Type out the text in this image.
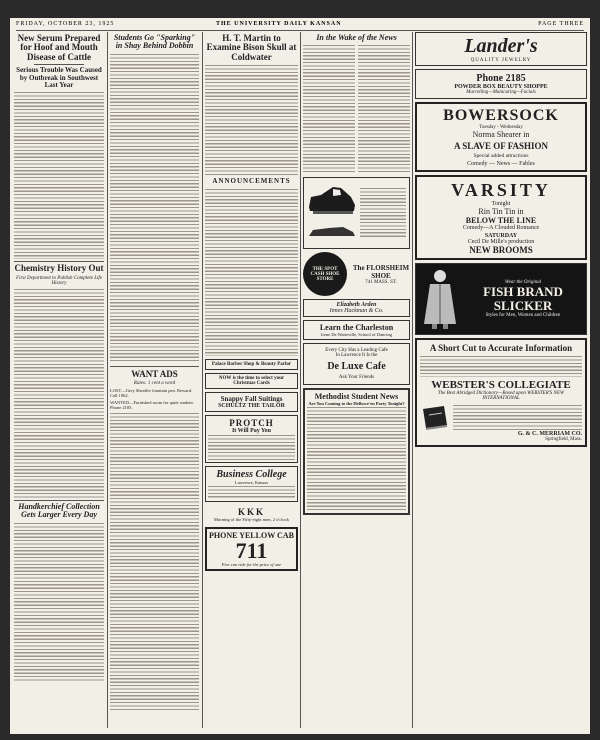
FRIDAY, OCTOBER 23, 1925	THE UNIVERSITY DAILY KANSAN	PAGE THREE
New Serum Prepared for Hoof and Mouth Disease of Cattle
Serious Trouble Was Caused by Outbreak in Southwest Last Year
Chemistry History Out
First Department to Publish Complete Life History
Handkerchief Collection Gets Larger Every Day
Students Go "Sparking" in Shay Behind Dobbin
WANT ADS
Rates: 1 cent a word
LOST—Grey Sheaffer fountain pen. Reward. Call 1962.
WANTED—Furnished room for quiet student. Phone 2185.
H. T. Martin to Examine Bison Skull at Coldwater
ANNOUNCEMENTS
Palace Barber Shop & Beauty Parlor
NOW is the time to select your Christmas Cards
Snappy Fall Suitings
SCHULTZ THE TAILOR
PROTCH
It Will Pay You
Business College
Lawrence, Kansas
KKK
Morning of the Fifty-eight men, 2 o'clock
PHONE YELLOW CAB
711
Five can ride for the price of one
In the Wake of the News

THE SPOT CASH SHOE STORE
The FLORSHEIM SHOE
741 MASS. ST.
Elizabeth Arden
Innes Hackman & Co.
Learn the Charleston
Irene De Watteville, School of Dancing
Every City Has a Leading Cafe
In Lawrence It Is the
De Luxe Cafe
Ask Your Friends
Methodist Student News
Are You Coming to the Hellowe'en Party Tonight?
Lander's
QUALITY JEWELRY
Phone 2185
POWDER BOX BEAUTY SHOPPE
Marcelling—Manicuring—Facials
BOWERSOCK
Tuesday - Wednesday
Norma Shearer in
A SLAVE OF FASHION
Special added attractions
Comedy — News — Fables
VARSITY
Tonight
Rin Tin Tin in
BELOW THE LINE
Comedy—A Clouded Romance
SATURDAY
Cecil De Mille's production
NEW BROOMS
Wear the Original
FISH BRAND SLICKER
Styles for Men, Women and Children
A Short Cut to Accurate Information
WEBSTER'S COLLEGIATE
The Best Abridged Dictionary—Based upon WEBSTER'S NEW INTERNATIONAL
G. & C. MERRIAM CO.
Springfield, Mass.
